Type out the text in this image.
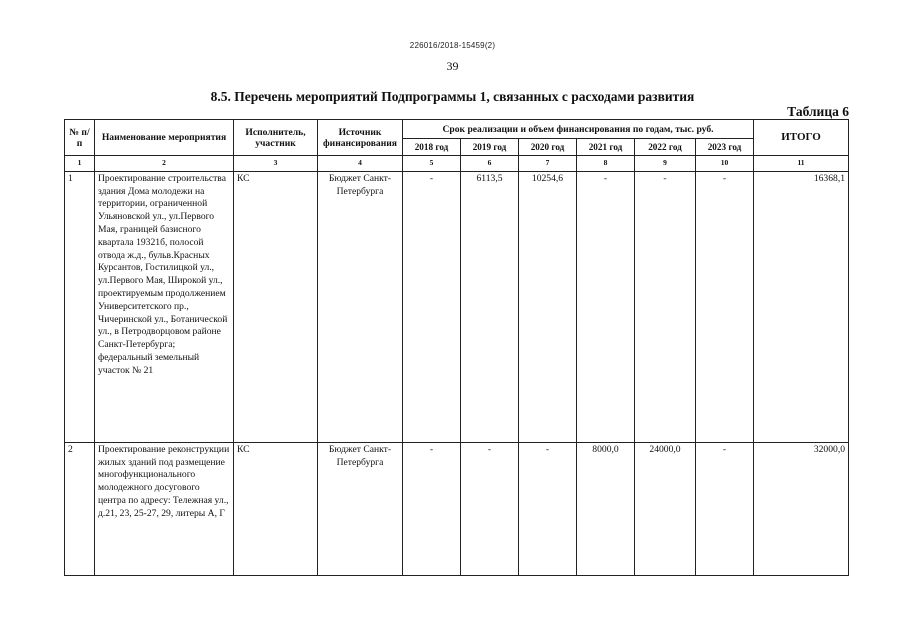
226016/2018-15459(2)
39
8.5. Перечень мероприятий Подпрограммы 1, связанных с расходами развития
Таблица 6
№ п/п	Наименование мероприятия	Исполнитель, участник	Источник финансирования	Срок реализации и объем финансирования по годам, тыс. руб.						ИТОГО
				2018 год	2019 год	2020 год	2021 год	2022 год	2023 год	
1	2	3	4	5	6	7	8	9	10	11
1	Проектирование строительства здания Дома молодежи на территории, ограниченной Ульяновской ул., ул.Первого Мая, границей базисного квартала 19321б, полосой отвода ж.д., бульв.Красных Курсантов, Гостилицкой ул., ул.Первого Мая, Широкой ул., проектируемым продолжением Университетского пр., Чичеринской ул., Ботанической ул., в Петродворцовом районе Санкт-Петербурга; федеральный земельный участок № 21	КС	Бюджет Санкт-Петербурга	-	6113,5	10254,6	-	-	-	16368,1
2	Проектирование реконструкции жилых зданий под размещение многофункционального молодежного досугового центра по адресу: Тележная ул., д.21, 23, 25-27, 29, литеры А, Г	КС	Бюджет Санкт-Петербурга	-	-	-	8000,0	24000,0	-	32000,0
